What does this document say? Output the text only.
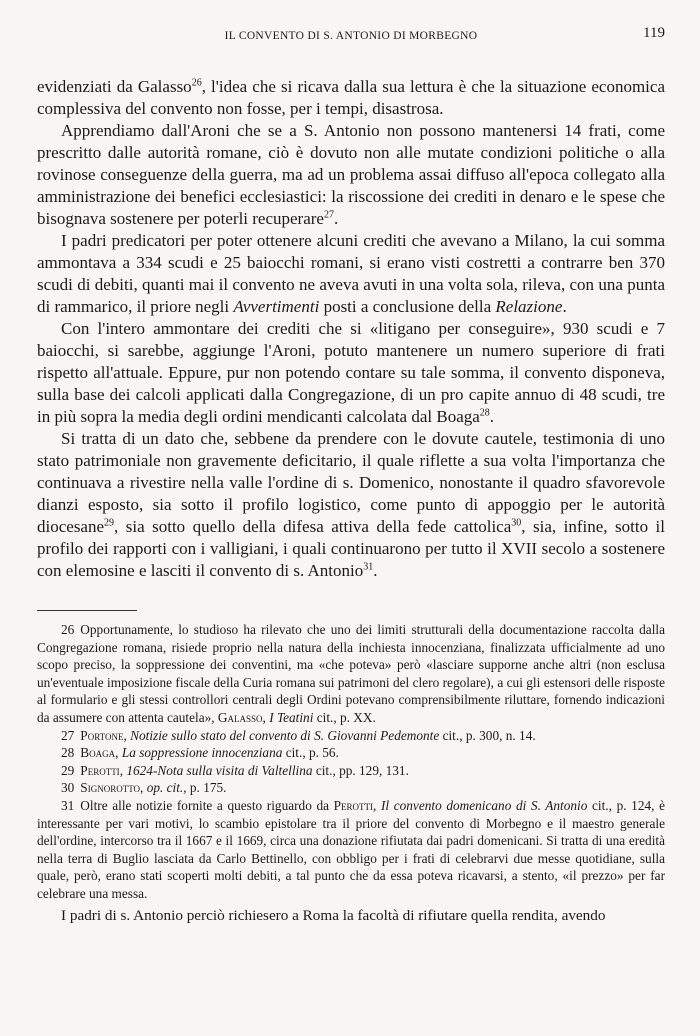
IL CONVENTO DI S. ANTONIO DI MORBEGNO	119

evidenziati da Galasso$^{26}$, l'idea che si ricava dalla sua lettura è che la situazione economica complessiva del convento non fosse, per i tempi, disastrosa.

Apprendiamo dall'Aroni che se a S. Antonio non possono mantenersi 14 frati, come prescritto dalle autorità romane, ciò è dovuto non alle mutate condizioni politiche o alla rovinose conseguenze della guerra, ma ad un problema assai diffuso all'epoca collegato alla amministrazione dei benefici ecclesiastici: la riscossione dei crediti in denaro e le spese che bisognava sostenere per poterli recuperare$^{27}$.

I padri predicatori per poter ottenere alcuni crediti che avevano a Milano, la cui somma ammontava a 334 scudi e 25 baiocchi romani, si erano visti costretti a contrarre ben 370 scudi di debiti, quanti mai il convento ne aveva avuti in una volta sola, rileva, con una punta di rammarico, il priore negli Avvertimenti posti a conclusione della Relazione.

Con l'intero ammontare dei crediti che si «litigano per conseguire», 930 scudi e 7 baiocchi, si sarebbe, aggiunge l'Aroni, potuto mantenere un numero superiore di frati rispetto all'attuale. Eppure, pur non potendo contare su tale somma, il convento disponeva, sulla base dei calcoli applicati dalla Congregazione, di un pro capite annuo di 48 scudi, tre in più sopra la media degli ordini mendicanti calcolata dal Boaga$^{28}$.

Si tratta di un dato che, sebbene da prendere con le dovute cautele, testimonia di uno stato patrimoniale non gravemente deficitario, il quale riflette a sua volta l'importanza che continuava a rivestire nella valle l'ordine di s. Domenico, nonostante il quadro sfavorevole dianzi esposto, sia sotto il profilo logistico, come punto di appoggio per le autorità diocesane$^{29}$, sia sotto quello della difesa attiva della fede cattolica$^{30}$, sia, infine, sotto il profilo dei rapporti con i valligiani, i quali continuarono per tutto il XVII secolo a sostenere con elemosine e lasciti il convento di s. Antonio$^{31}$.

26 Opportunamente, lo studioso ha rilevato che uno dei limiti strutturali della documentazione raccolta dalla Congregazione romana, risiede proprio nella natura della inchiesta innocenziana, finalizzata ufficialmente ad uno scopo preciso, la soppressione dei conventini, ma «che poteva» però «lasciare supporne anche altri (non esclusa un'eventuale imposizione fiscale della Curia romana sui patrimoni del clero regolare), a cui gli estensori delle risposte al formulario e gli stessi controllori centrali degli Ordini potevano comprensibilmente riluttare, fornendo indicazioni da assumere con attenta cautela», Galasso, I Teatini cit., p. XX.

27 Portone, Notizie sullo stato del convento di S. Giovanni Pedemonte cit., p. 300, n. 14.

28 Boaga, La soppressione innocenziana cit., p. 56.

29 Perotti, 1624-Nota sulla visita di Valtellina cit., pp. 129, 131.

30 Signorotto, op. cit., p. 175.

31 Oltre alle notizie fornite a questo riguardo da Perotti, Il convento domenicano di S. Antonio cit., p. 124, è interessante per vari motivi, lo scambio epistolare tra il priore del convento di Morbegno e il maestro generale dell'ordine, intercorso tra il 1667 e il 1669, circa una donazione rifiutata dai padri domenicani. Si tratta di una eredità nella terra di Buglio lasciata da Carlo Bettinello, con obbligo per i frati di celebrarvi due messe quotidiane, sulla quale, però, erano stati scoperti molti debiti, a tal punto che da essa poteva ricavarsi, a stento, «il prezzo» per far celebrare una messa.

I padri di s. Antonio perciò richiesero a Roma la facoltà di rifiutare quella rendita, avendo
